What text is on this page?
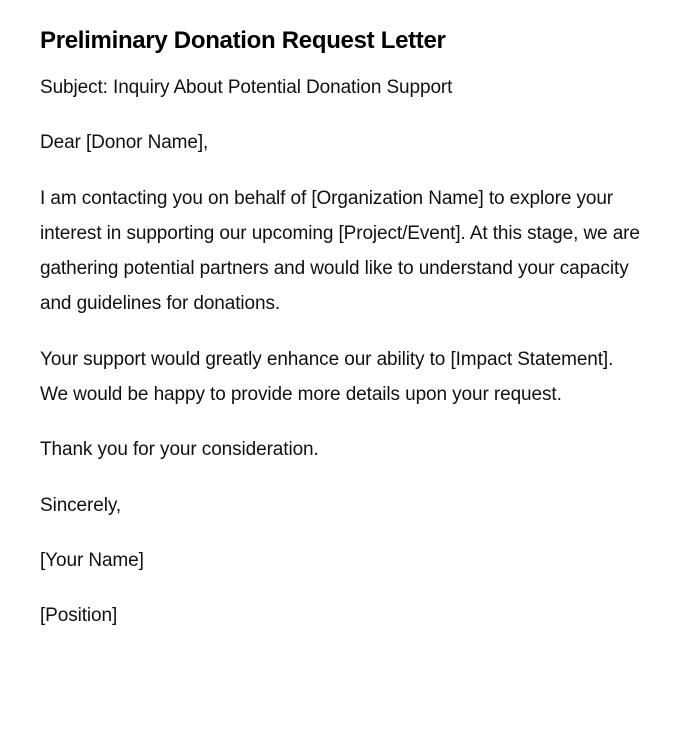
Preliminary Donation Request Letter

Subject: Inquiry About Potential Donation Support

Dear [Donor Name],

I am contacting you on behalf of [Organization Name] to explore your interest in supporting our upcoming [Project/Event]. At this stage, we are gathering potential partners and would like to understand your capacity and guidelines for donations.

Your support would greatly enhance our ability to [Impact Statement]. We would be happy to provide more details upon your request.

Thank you for your consideration.

Sincerely,

[Your Name]

[Position]
